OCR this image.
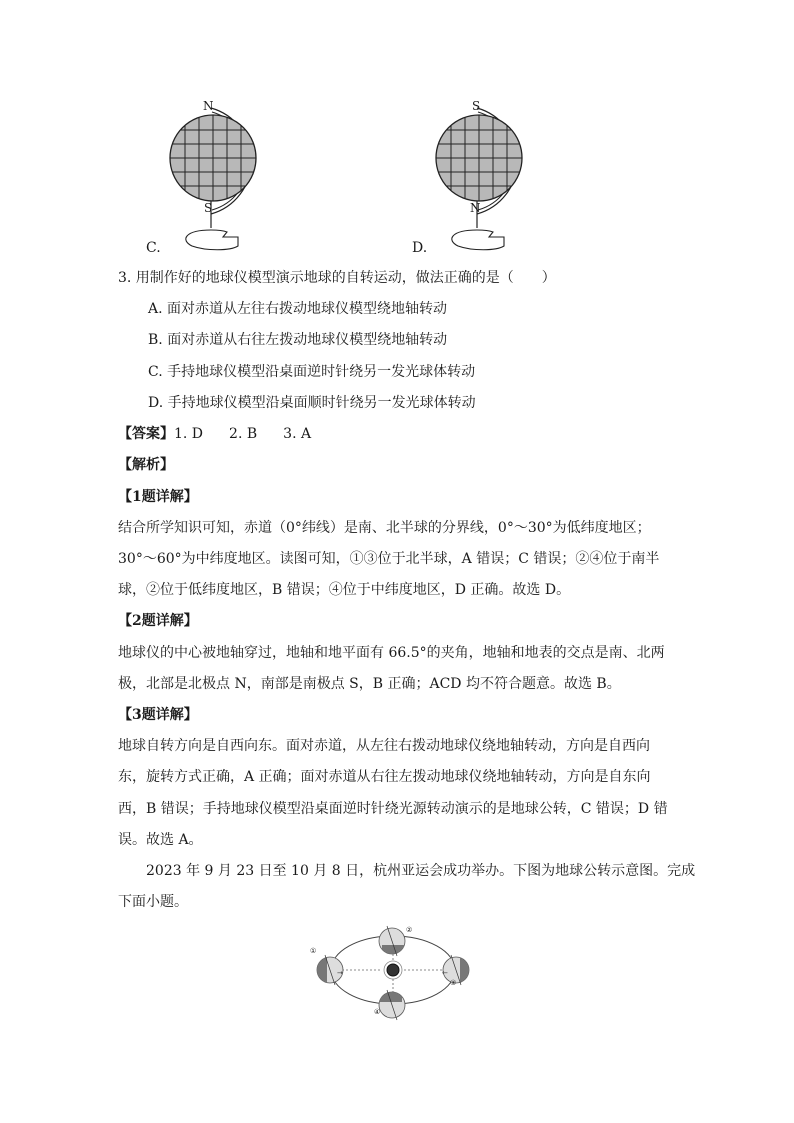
N
S
C.
S
N
D.
3. 用制作好的地球仪模型演示地球的自转运动，做法正确的是（　　）
A. 面对赤道从左往右拨动地球仪模型绕地轴转动
B. 面对赤道从右往左拨动地球仪模型绕地轴转动
C. 手持地球仪模型沿桌面逆时针绕另一发光球体转动
D. 手持地球仪模型沿桌面顺时针绕另一发光球体转动
【答案】1. D 2. B 3. A
【解析】
【1题详解】
结合所学知识可知，赤道（0°纬线）是南、北半球的分界线，0°～30°为低纬度地区；
30°～60°为中纬度地区。读图可知，①③位于北半球，A 错误；C 错误；②④位于南半
球，②位于低纬度地区，B 错误；④位于中纬度地区，D 正确。故选 D。
【2题详解】
地球仪的中心被地轴穿过，地轴和地平面有 66.5°的夹角，地轴和地表的交点是南、北两
极，北部是北极点 N，南部是南极点 S，B 正确；ACD 均不符合题意。故选 B。
【3题详解】
地球自转方向是自西向东。面对赤道，从左往右拨动地球仪绕地轴转动，方向是自西向
东，旋转方式正确，A 正确；面对赤道从右往左拨动地球仪绕地轴转动，方向是自东向
西，B 错误；手持地球仪模型沿桌面逆时针绕光源转动演示的是地球公转，C 错误；D 错
误。故选 A。
2023 年 9 月 23 日至 10 月 8 日，杭州亚运会成功举办。下图为地球公转示意图。完成
下面小题。
→	←
①
②
③
④
